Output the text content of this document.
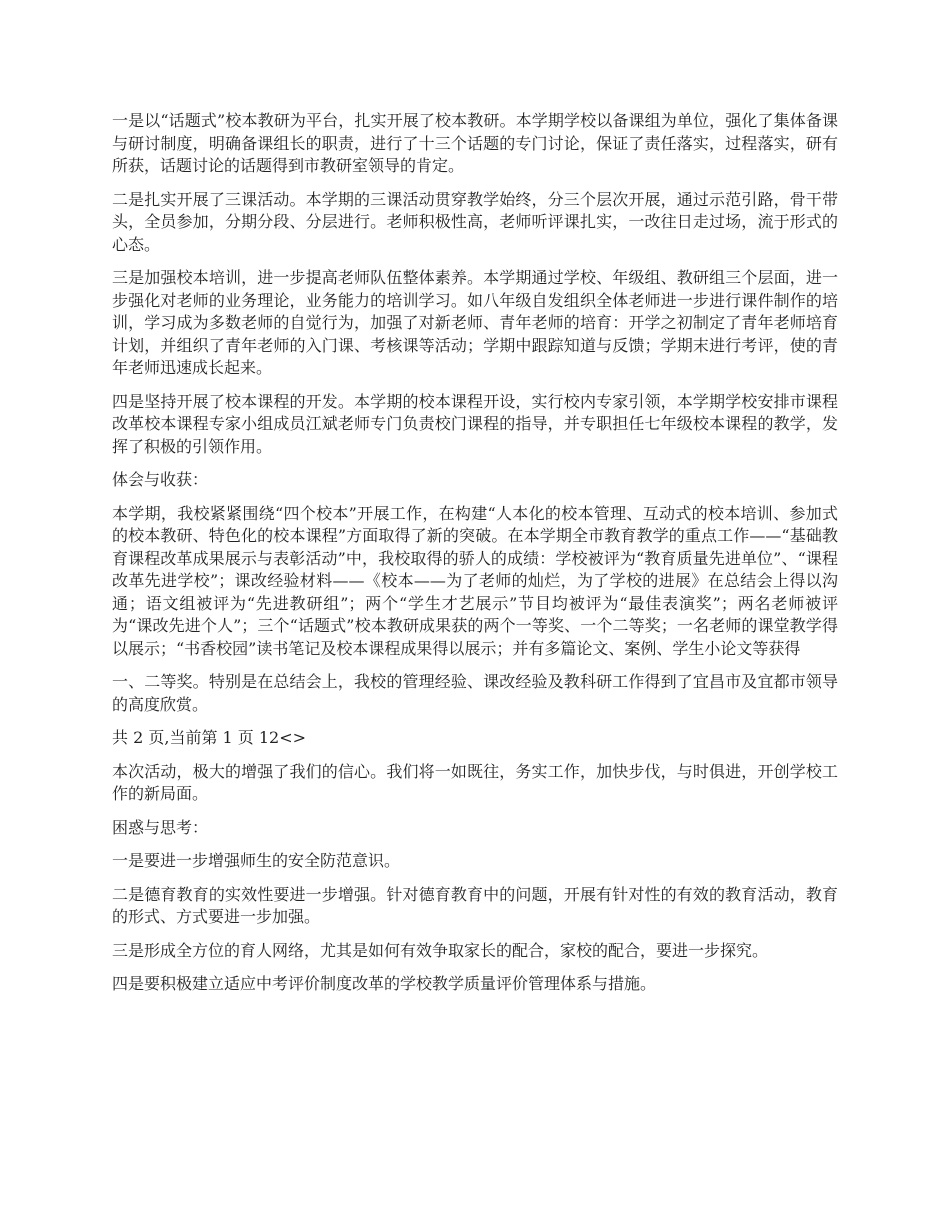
一是以“话题式”校本教研为平台，扎实开展了校本教研。本学期学校以备课组为单位，强化了集体备课与研讨制度，明确备课组长的职责，进行了十三个话题的专门讨论，保证了责任落实，过程落实，研有所获，话题讨论的话题得到市教研室领导的肯定。

二是扎实开展了三课活动。本学期的三课活动贯穿教学始终，分三个层次开展，通过示范引路，骨干带头，全员参加，分期分段、分层进行。老师积极性高，老师听评课扎实，一改往日走过场，流于形式的心态。

三是加强校本培训，进一步提高老师队伍整体素养。本学期通过学校、年级组、教研组三个层面，进一步强化对老师的业务理论，业务能力的培训学习。如八年级自发组织全体老师进一步进行课件制作的培训，学习成为多数老师的自觉行为，加强了对新老师、青年老师的培育：开学之初制定了青年老师培育计划，并组织了青年老师的入门课、考核课等活动；学期中跟踪知道与反馈；学期末进行考评，使的青年老师迅速成长起来。

四是坚持开展了校本课程的开发。本学期的校本课程开设，实行校内专家引领，本学期学校安排市课程改革校本课程专家小组成员江斌老师专门负责校门课程的指导，并专职担任七年级校本课程的教学，发挥了积极的引领作用。

体会与收获：

本学期，我校紧紧围绕“四个校本”开展工作，在构建“人本化的校本管理、互动式的校本培训、参加式的校本教研、特色化的校本课程”方面取得了新的突破。在本学期全市教育教学的重点工作——“基础教育课程改革成果展示与表彰活动”中，我校取得的骄人的成绩：学校被评为“教育质量先进单位”、“课程改革先进学校”；课改经验材料——《校本——为了老师的灿烂，为了学校的进展》在总结会上得以沟通；语文组被评为“先进教研组”；两个“学生才艺展示”节目均被评为“最佳表演奖”；两名老师被评为“课改先进个人”；三个“话题式”校本教研成果获的两个一等奖、一个二等奖；一名老师的课堂教学得以展示；“书香校园”读书笔记及校本课程成果得以展示；并有多篇论文、案例、学生小论文等获得

一、二等奖。特别是在总结会上，我校的管理经验、课改经验及教科研工作得到了宜昌市及宜都市领导的高度欣赏。

共 2 页,当前第 1 页 12<>

本次活动，极大的增强了我们的信心。我们将一如既往，务实工作，加快步伐，与时俱进，开创学校工作的新局面。

困惑与思考：

一是要进一步增强师生的安全防范意识。

二是德育教育的实效性要进一步增强。针对德育教育中的问题，开展有针对性的有效的教育活动，教育的形式、方式要进一步加强。

三是形成全方位的育人网络，尤其是如何有效争取家长的配合，家校的配合，要进一步探究。

四是要积极建立适应中考评价制度改革的学校教学质量评价管理体系与措施。
